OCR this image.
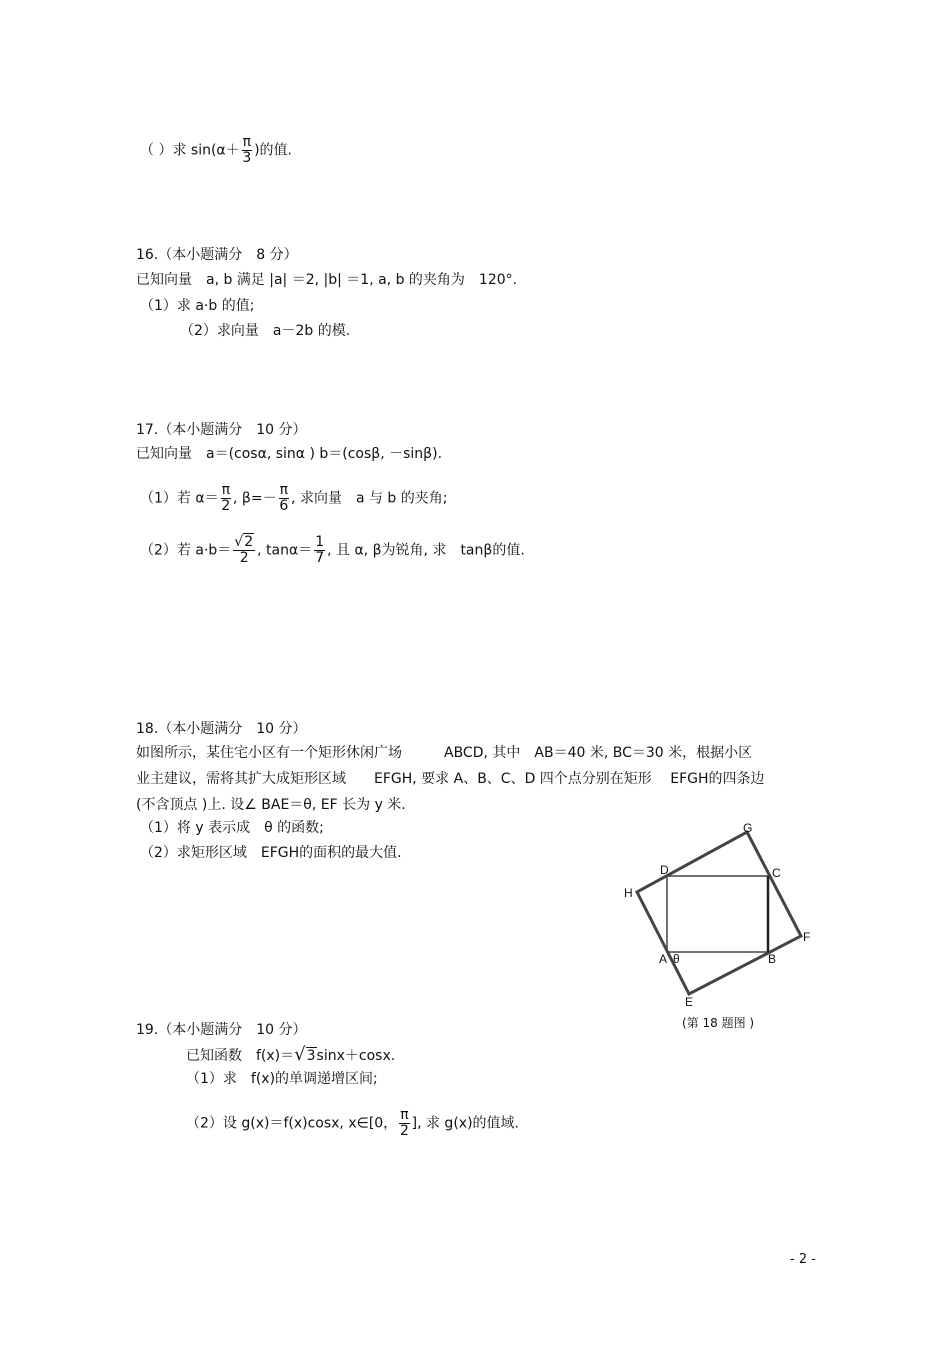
（ ）求 $\sin(\alpha+ \frac{\pi}{3}$ )的值.
16.（本小题满分　8 分）
已知向量　a, b 满足 |a| ＝2, |b| ＝1, a, b 的夹角为　120°.
（1）求 a·b 的值;
（2）求向量　a－2b 的模.
17.（本小题满分　10 分）
已知向量　a＝(cosα, sinα ) b＝(cosβ, －sinβ).
（1）若 $\alpha= \frac{\pi}{2}$ , $\beta=- \frac{\pi}{6}$ , 求向量　a 与 b 的夹角;
（2）若 $a\cdot b= \frac{√2}{2}$ , $\tan\alpha= \frac{1}{7}$ , 且 α, β为锐角, 求　tanβ的值.
18.（本小题满分　10 分）
如图所示，某住宅小区有一个矩形休闲广场　　　ABCD, 其中　AB＝40 米, BC＝30 米，根据小区
业主建议，需将其扩大成矩形区域　　EFGH, 要求 A、B、C、D 四个点分别在矩形　 EFGH的四条边
(不含顶点 )上. 设∠ BAE＝θ, EF 长为 y 米.
（1）将 y 表示成　θ 的函数;
（2）求矩形区域　EFGH的面积的最大值.
G
D	C
H
F
A θ	B
E
(第 18 题图 )
19.（本小题满分　10 分）
已知函数　f(x)＝√3sinx＋cosx.
（1）求　f(x)的单调递增区间;
（2）设 g(x)＝f(x)cosx, x∈[0， $\frac{\pi}{2}$ ], 求 g(x)的值域.
- 2 -
